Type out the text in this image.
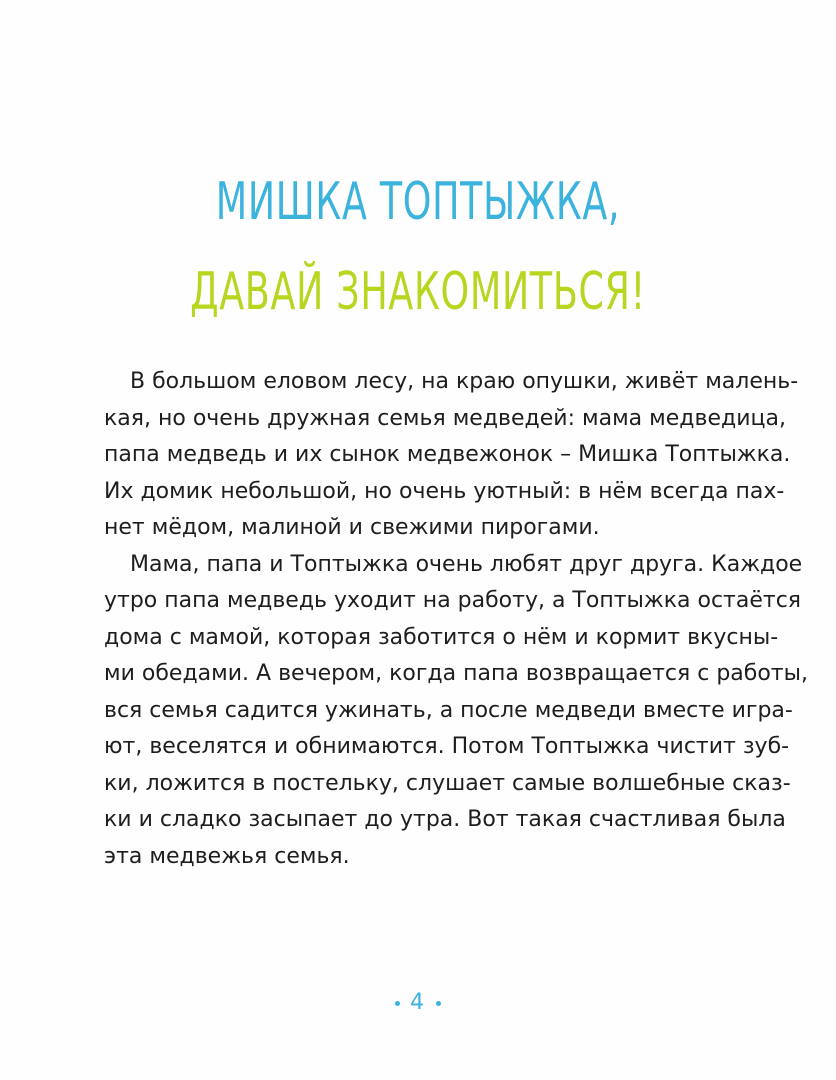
МИШКА ТОПТЫЖКА,
ДАВАЙ ЗНАКОМИТЬСЯ!
В большом еловом лесу, на краю опушки, живёт малень-
кая, но очень дружная семья медведей: мама медведица,
папа медведь и их сынок медвежонок – Мишка Топтыжка.
Их домик небольшой, но очень уютный: в нём всегда пах-
нет мёдом, малиной и свежими пирогами.
Мама, папа и Топтыжка очень любят друг друга. Каждое
утро папа медведь уходит на работу, а Топтыжка остаётся
дома с мамой, которая заботится о нём и кормит вкусны-
ми обедами. А вечером, когда папа возвращается с работы,
вся семья садится ужинать, а после медведи вместе игра-
ют, веселятся и обнимаются. Потом Топтыжка чистит зуб-
ки, ложится в постельку, слушает самые волшебные сказ-
ки и сладко засыпает до утра. Вот такая счастливая была
эта медвежья семья.
4
